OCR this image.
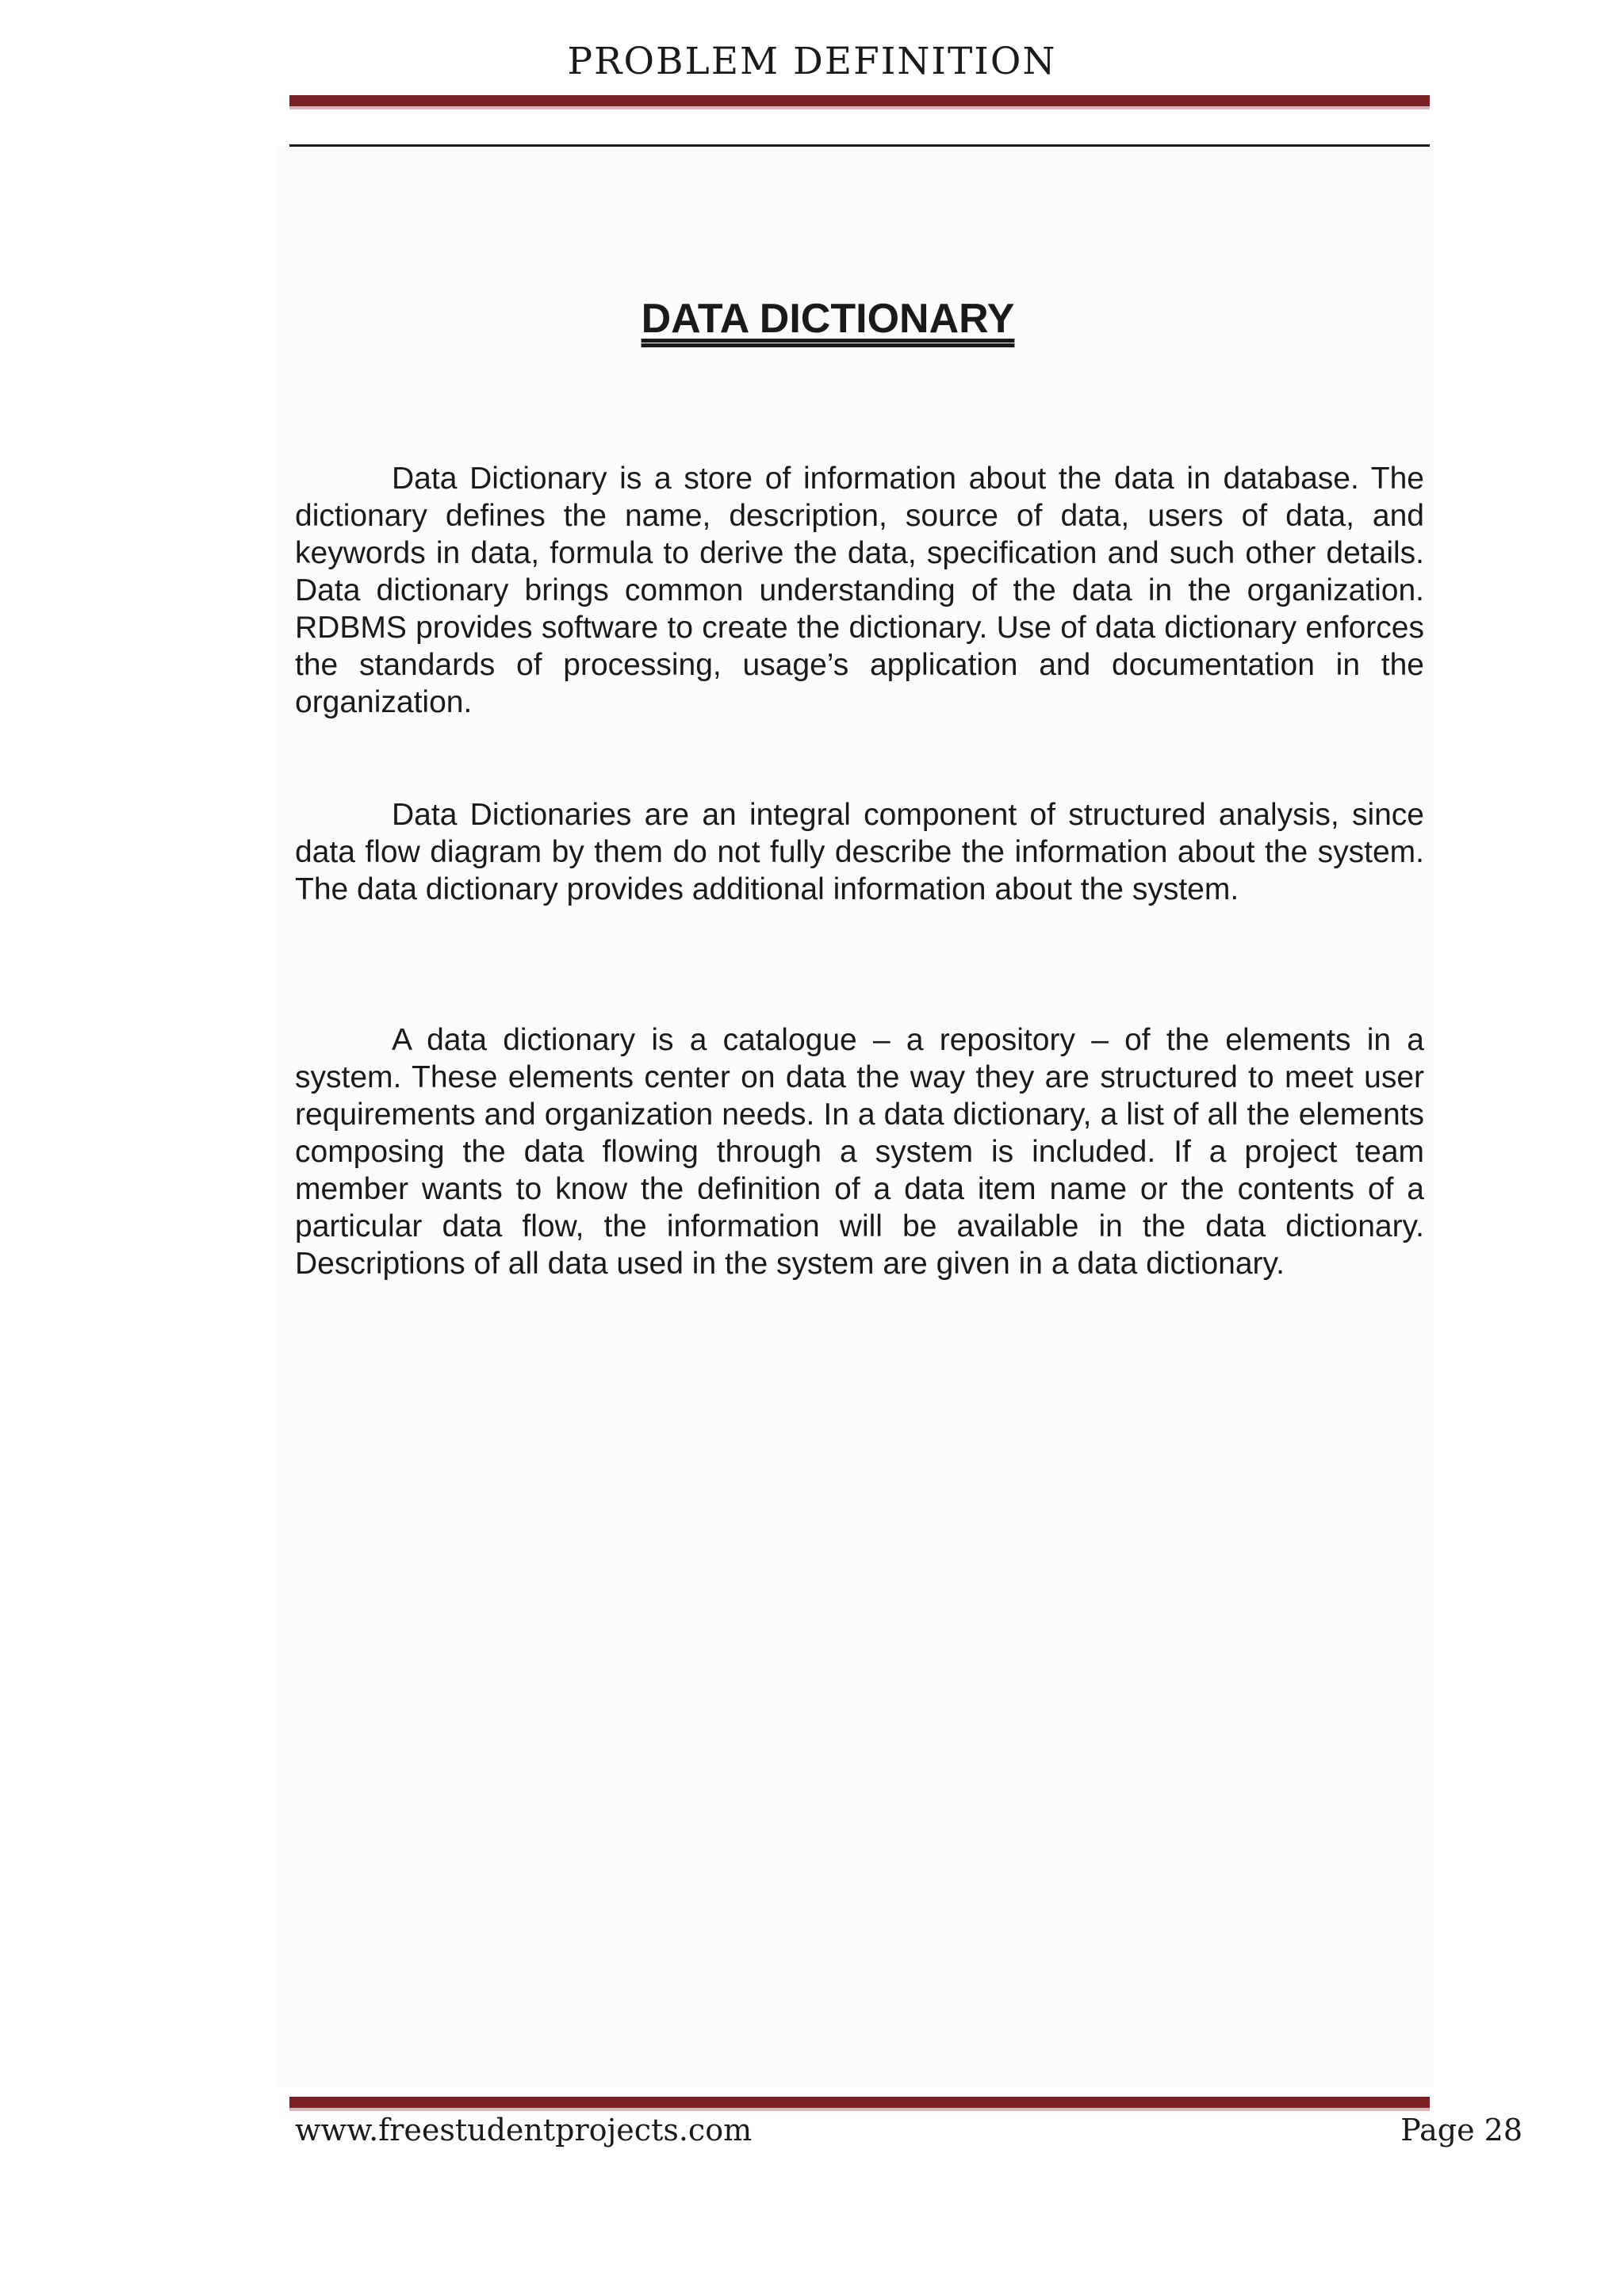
PROBLEM DEFINITION
DATA DICTIONARY

Data Dictionary is a store of information about the data in database. The dictionary defines the name, description, source of data, users of data, and keywords in data, formula to derive the data, specification and such other details. Data dictionary brings common understanding of the data in the organization. RDBMS provides software to create the dictionary. Use of data dictionary enforces the standards of processing, usage’s application and documentation in the organization.

Data Dictionaries are an integral component of structured analysis, since data flow diagram by them do not fully describe the information about the system. The data dictionary provides additional information about the system.

A data dictionary is a catalogue – a repository – of the elements in a system. These elements center on data the way they are structured to meet user requirements and organization needs. In a data dictionary, a list of all the elements composing the data flowing through a system is included. If a project team member wants to know the definition of a data item name or the contents of a particular data flow, the information will be available in the data dictionary. Descriptions of all data used in the system are given in a data dictionary.

www.freestudentprojects.com	Page 28
